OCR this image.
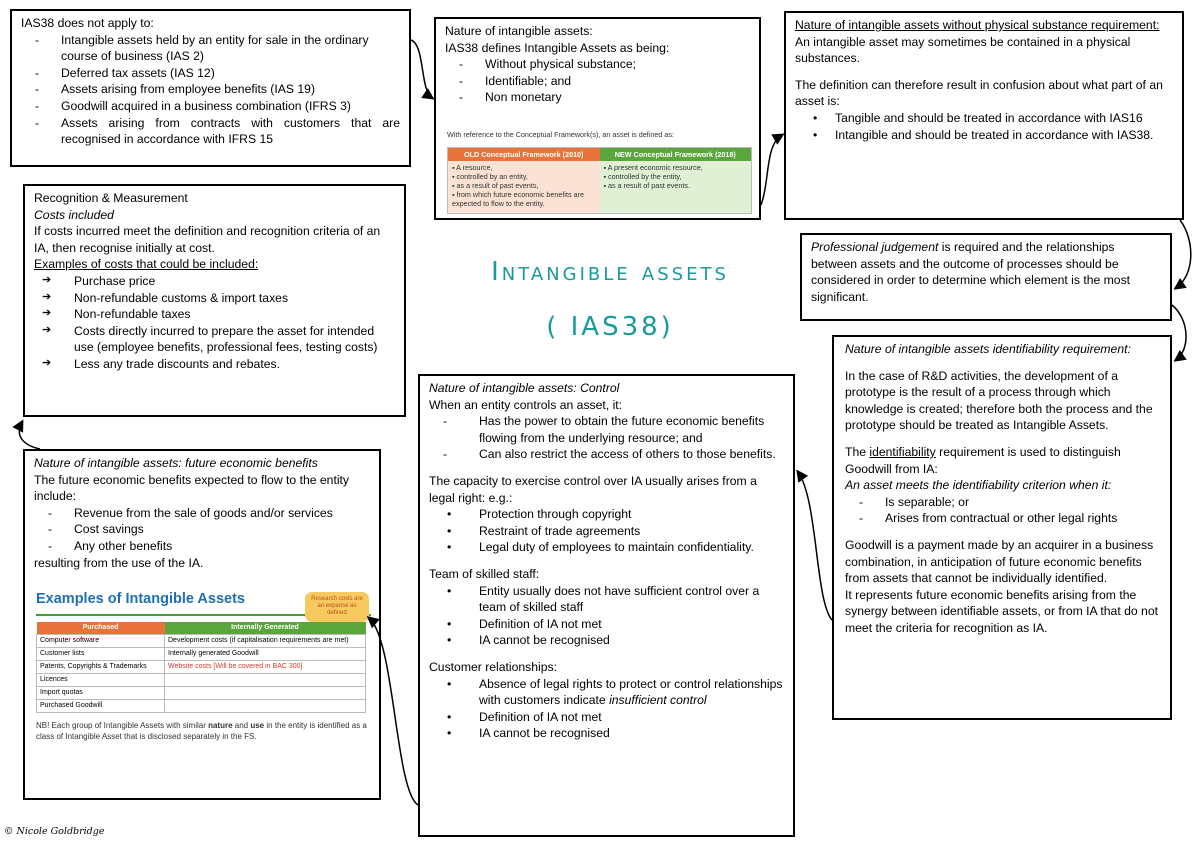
Intangible assets
( IAS38)

IAS38 does not apply to:

- Intangible assets held by an entity for sale in the ordinary course of business (IAS 2)
- Deferred tax assets (IAS 12)
- Assets arising from employee benefits (IAS 19)
- Goodwill acquired in a business combination (IFRS 3)
- Assets arising from contracts with customers that are recognised in accordance with IFRS 15

Nature of intangible assets:

IAS38 defines Intangible Assets as being:

- Without physical substance;
- Identifiable; and
- Non monetary
With reference to the Conceptual Framework(s), an asset is defined as:
OLD Conceptual Framework (2010)
▪ A resource,
▪ controlled by an entity,
▪ as a result of past events,
▪ from which future economic benefits are expected to flow to the entity.
NEW Conceptual Framework (2018)
▪ A present economic resource,
▪ controlled by the entity,
▪ as a result of past events.

Nature of intangible assets without physical substance requirement:

An intangible asset may sometimes be contained in a physical substances.

The definition can therefore result in confusion about what part of an asset is:

• Tangible and should be treated in accordance with IAS16
• Intangible and should be treated in accordance with IAS38.

Recognition & Measurement

Costs included

If costs incurred meet the definition and recognition criteria of an IA, then recognise initially at cost.

Examples of costs that could be included:

➔ Purchase price
➔ Non-refundable customs & import taxes
➔ Non-refundable taxes
➔ Costs directly incurred to prepare the asset for intended use (employee benefits, professional fees, testing costs)
➔ Less any trade discounts and rebates.

Professional judgement is required and the relationships between assets and the outcome of processes should be considered in order to determine which element is the most significant.

Nature of intangible assets identifiability requirement:

In the case of R&D activities, the development of a prototype is the result of a process through which knowledge is created; therefore both the process and the prototype should be treated as Intangible Assets.

The identifiability requirement is used to distinguish Goodwill from IA:

An asset meets the identifiability criterion when it:

- Is separable; or
- Arises from contractual or other legal rights

Goodwill is a payment made by an acquirer in a business combination, in anticipation of future economic benefits from assets that cannot be individually identified.

It represents future economic benefits arising from the synergy between identifiable assets, or from IA that do not meet the criteria for recognition as IA.

Nature of intangible assets: Control

When an entity controls an asset, it:

- Has the power to obtain the future economic benefits flowing from the underlying resource; and
- Can also restrict the access of others to those benefits.

The capacity to exercise control over IA usually arises from a legal right: e.g.:

• Protection through copyright
• Restraint of trade agreements
• Legal duty of employees to maintain confidentiality.

Team of skilled staff:

• Entity usually does not have sufficient control over a team of skilled staff
• Definition of IA not met
• IA cannot be recognised

Customer relationships:

• Absence of legal rights to protect or control relationships with customers indicate insufficient control
• Definition of IA not met
• IA cannot be recognised

Nature of intangible assets: future economic benefits

The future economic benefits expected to flow to the entity include:

- Revenue from the sale of goods and/or services
- Cost savings
- Any other benefits

resulting from the use of the IA.

Examples of Intangible Assets
Purchased	Internally Generated
Computer software	Development costs (if capitalisation requirements are met)
Customer lists	Internally generated Goodwill
Patents, Copyrights & Trademarks	Website costs [Will be covered in BAC 300]
Licences	
Import quotas	
Purchased Goodwill	
NB! Each group of Intangible Assets with similar nature and use in the entity is identified as a class of Intangible Asset that is disclosed separately in the FS.
Research costs are an expense as defined
© Nicole Goldbridge
